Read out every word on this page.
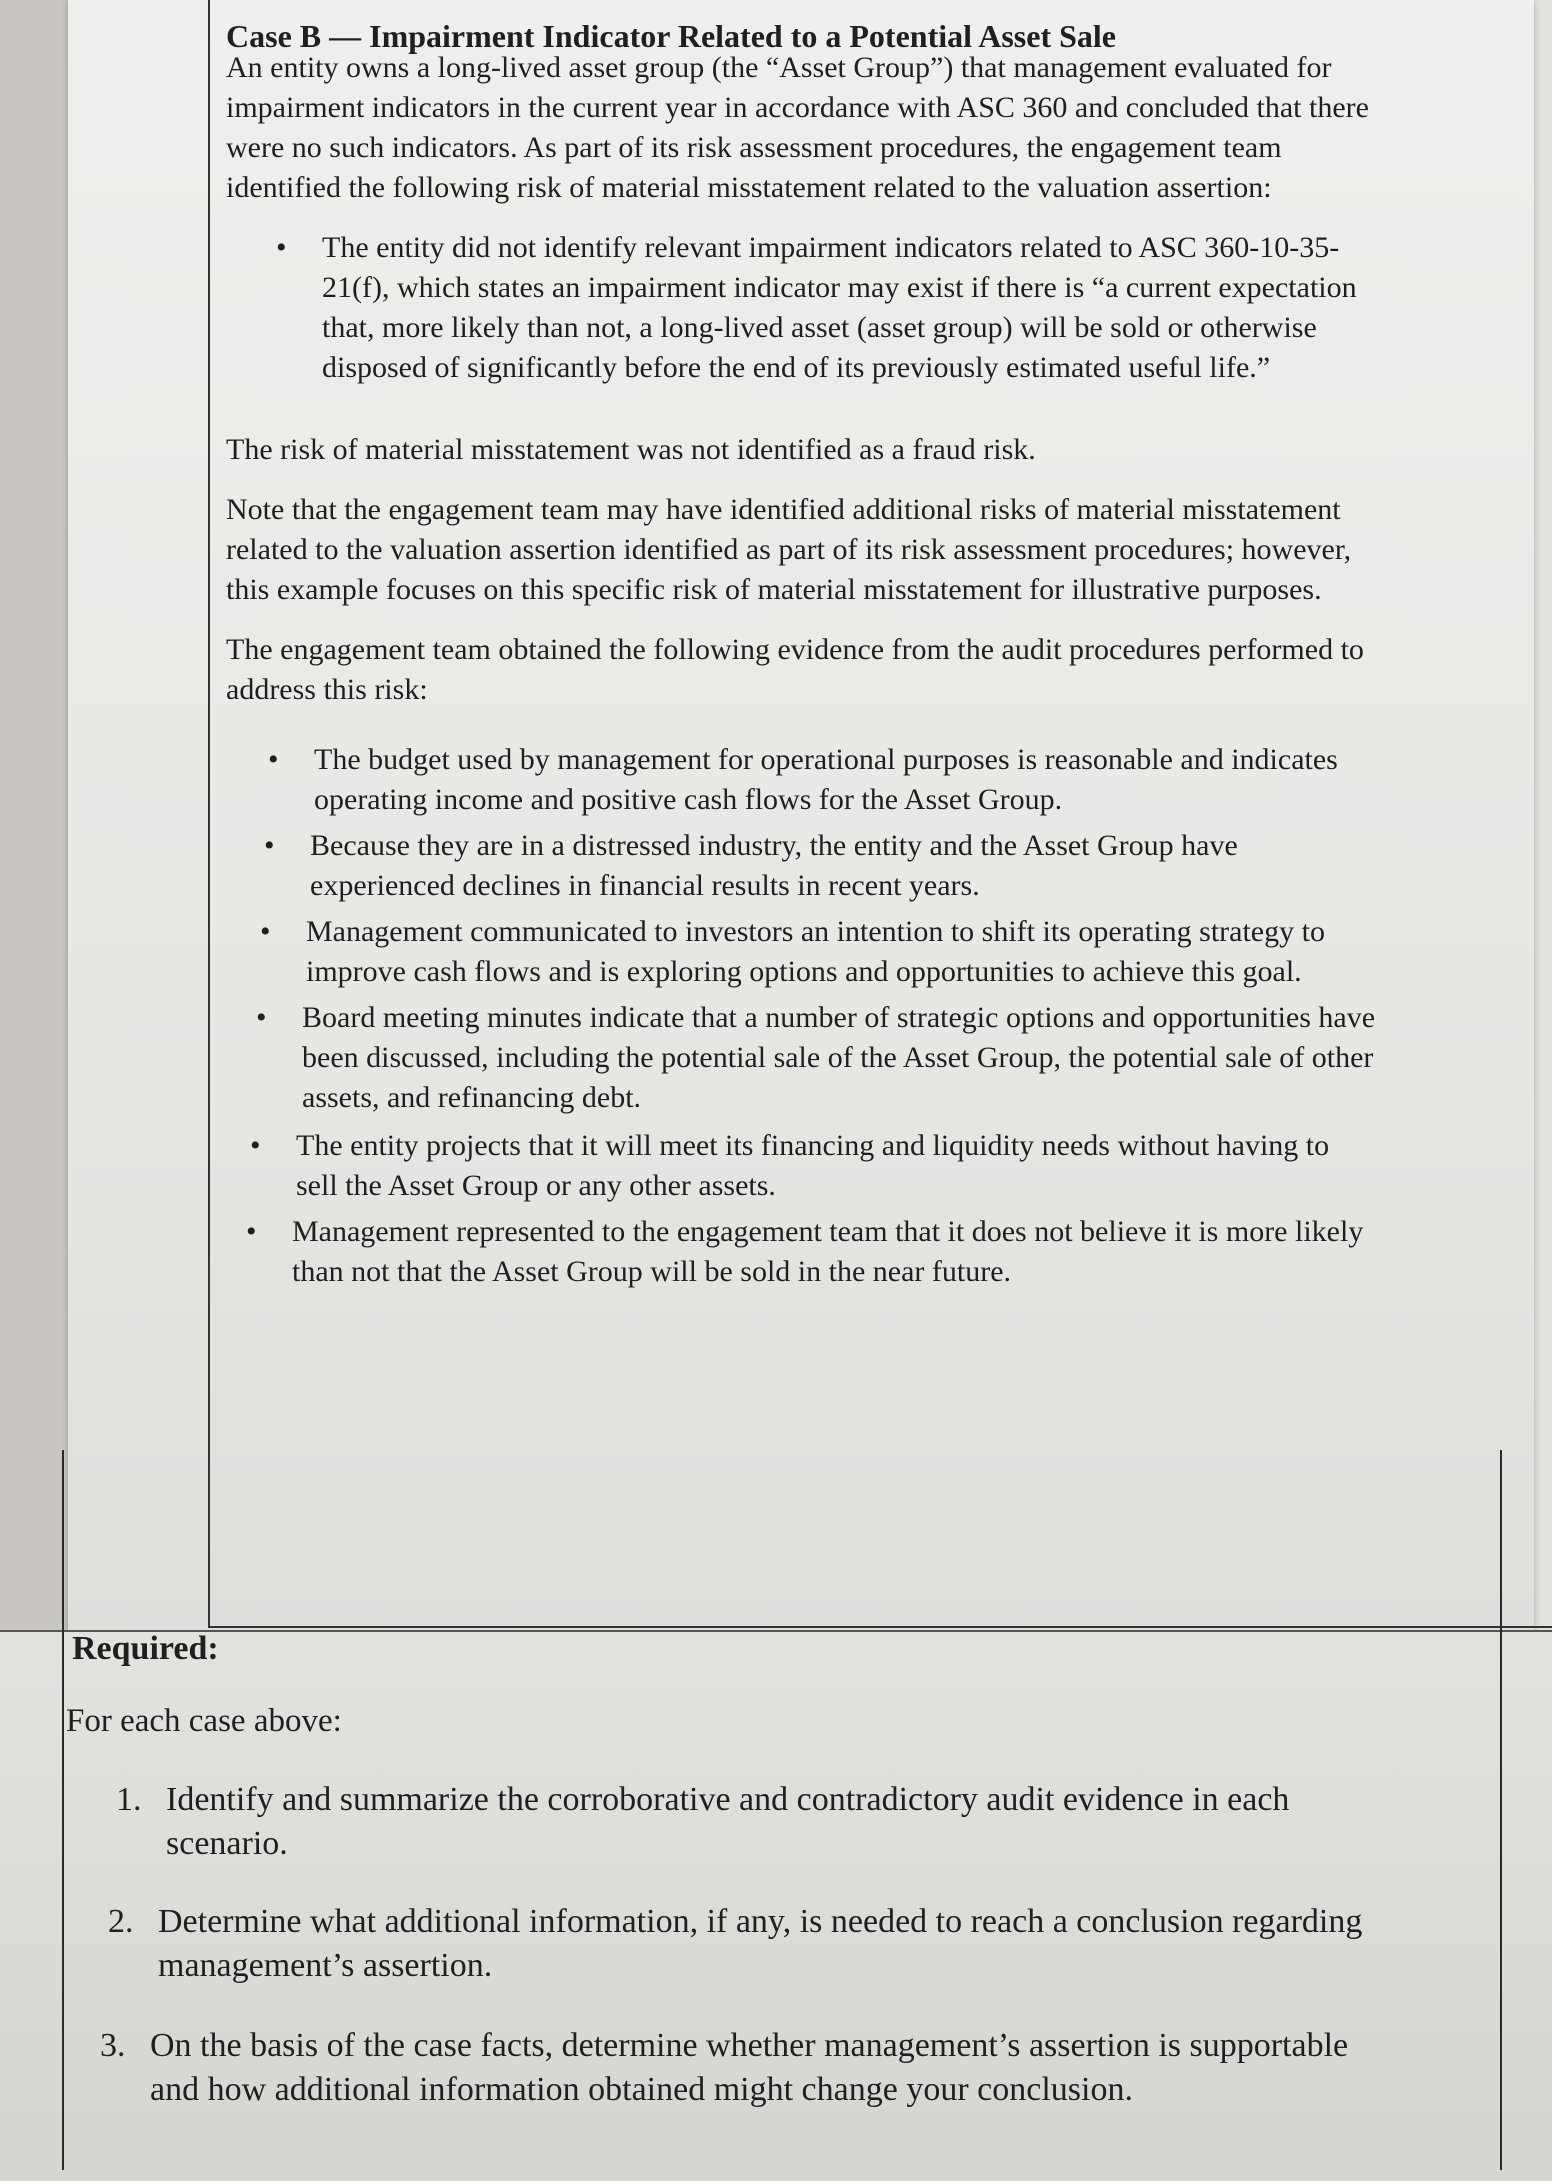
Case B — Impairment Indicator Related to a Potential Asset Sale
An entity owns a long-lived asset group (the “Asset Group”) that management evaluated for
impairment indicators in the current year in accordance with ASC 360 and concluded that there
were no such indicators. As part of its risk assessment procedures, the engagement team
identified the following risk of material misstatement related to the valuation assertion:
• The entity did not identify relevant impairment indicators related to ASC 360-10-35-
21(f), which states an impairment indicator may exist if there is “a current expectation
that, more likely than not, a long-lived asset (asset group) will be sold or otherwise
disposed of significantly before the end of its previously estimated useful life.”
The risk of material misstatement was not identified as a fraud risk.
Note that the engagement team may have identified additional risks of material misstatement
related to the valuation assertion identified as part of its risk assessment procedures; however,
this example focuses on this specific risk of material misstatement for illustrative purposes.
The engagement team obtained the following evidence from the audit procedures performed to
address this risk:
• The budget used by management for operational purposes is reasonable and indicates
operating income and positive cash flows for the Asset Group.
• Because they are in a distressed industry, the entity and the Asset Group have
experienced declines in financial results in recent years.
• Management communicated to investors an intention to shift its operating strategy to
improve cash flows and is exploring options and opportunities to achieve this goal.
• Board meeting minutes indicate that a number of strategic options and opportunities have
been discussed, including the potential sale of the Asset Group, the potential sale of other
assets, and refinancing debt.
• The entity projects that it will meet its financing and liquidity needs without having to
sell the Asset Group or any other assets.
• Management represented to the engagement team that it does not believe it is more likely
than not that the Asset Group will be sold in the near future.
Required:
For each case above:
1. Identify and summarize the corroborative and contradictory audit evidence in each
scenario.
2. Determine what additional information, if any, is needed to reach a conclusion regarding
management’s assertion.
3. On the basis of the case facts, determine whether management’s assertion is supportable
and how additional information obtained might change your conclusion.
